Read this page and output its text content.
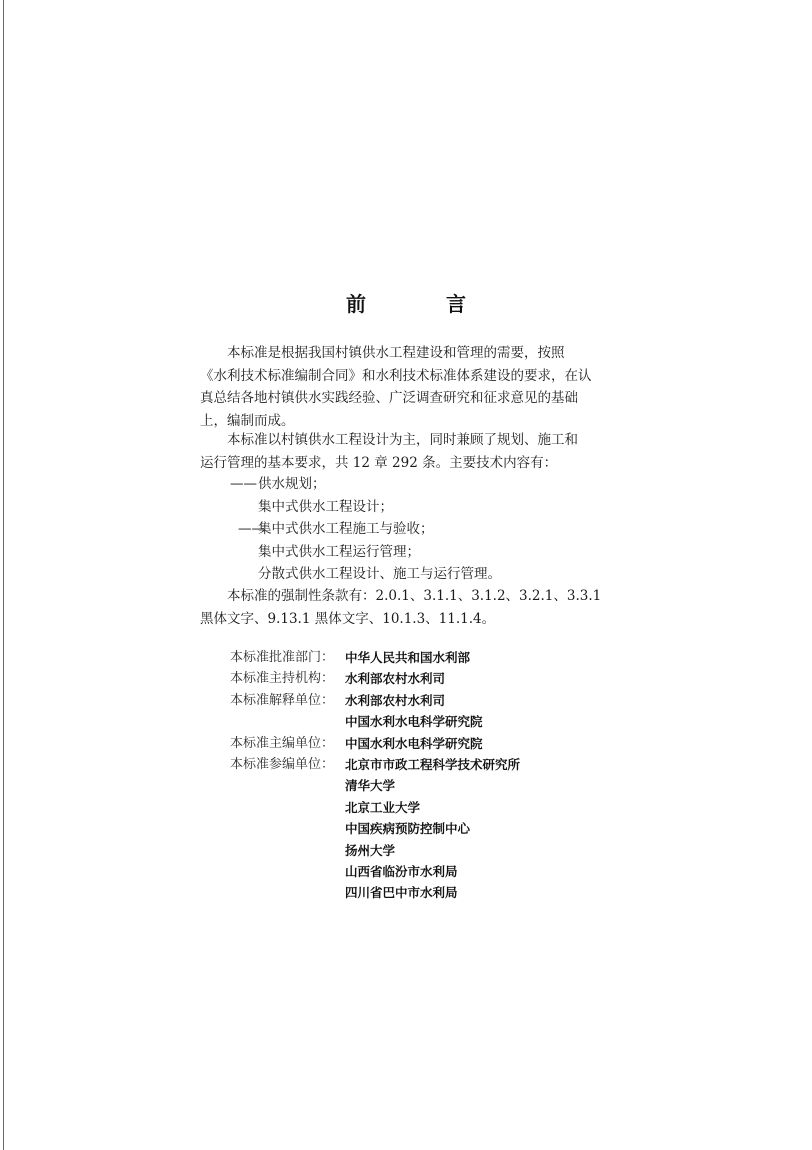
前　言
　　本标准是根据我国村镇供水工程建设和管理的需要，按照
《水利技术标准编制合同》和水利技术标准体系建设的要求，在认
真总结各地村镇供水实践经验、广泛调查研究和征求意见的基础
上，编制而成。
　　本标准以村镇供水工程设计为主，同时兼顾了规划、施工和
运行管理的基本要求，共 12 章 292 条。主要技术内容有：
—— 供水规划；
集中式供水工程设计；
——
集中式供水工程施工与验收；
集中式供水工程运行管理；
分散式供水工程设计、施工与运行管理。
　　本标准的强制性条款有：2.0.1、3.1.1、3.1.2、3.2.1、3.3.1
黑体文字、9.13.1 黑体文字、10.1.3、11.1.4。
本标准批准部门： 中华人民共和国水利部
本标准主持机构： 水利部农村水利司
本标准解释单位： 水利部农村水利司
中国水利水电科学研究院
本标准主编单位： 中国水利水电科学研究院
本标准参编单位： 北京市市政工程科学技术研究所
清华大学
北京工业大学
中国疾病预防控制中心
扬州大学
山西省临汾市水利局
四川省巴中市水利局
